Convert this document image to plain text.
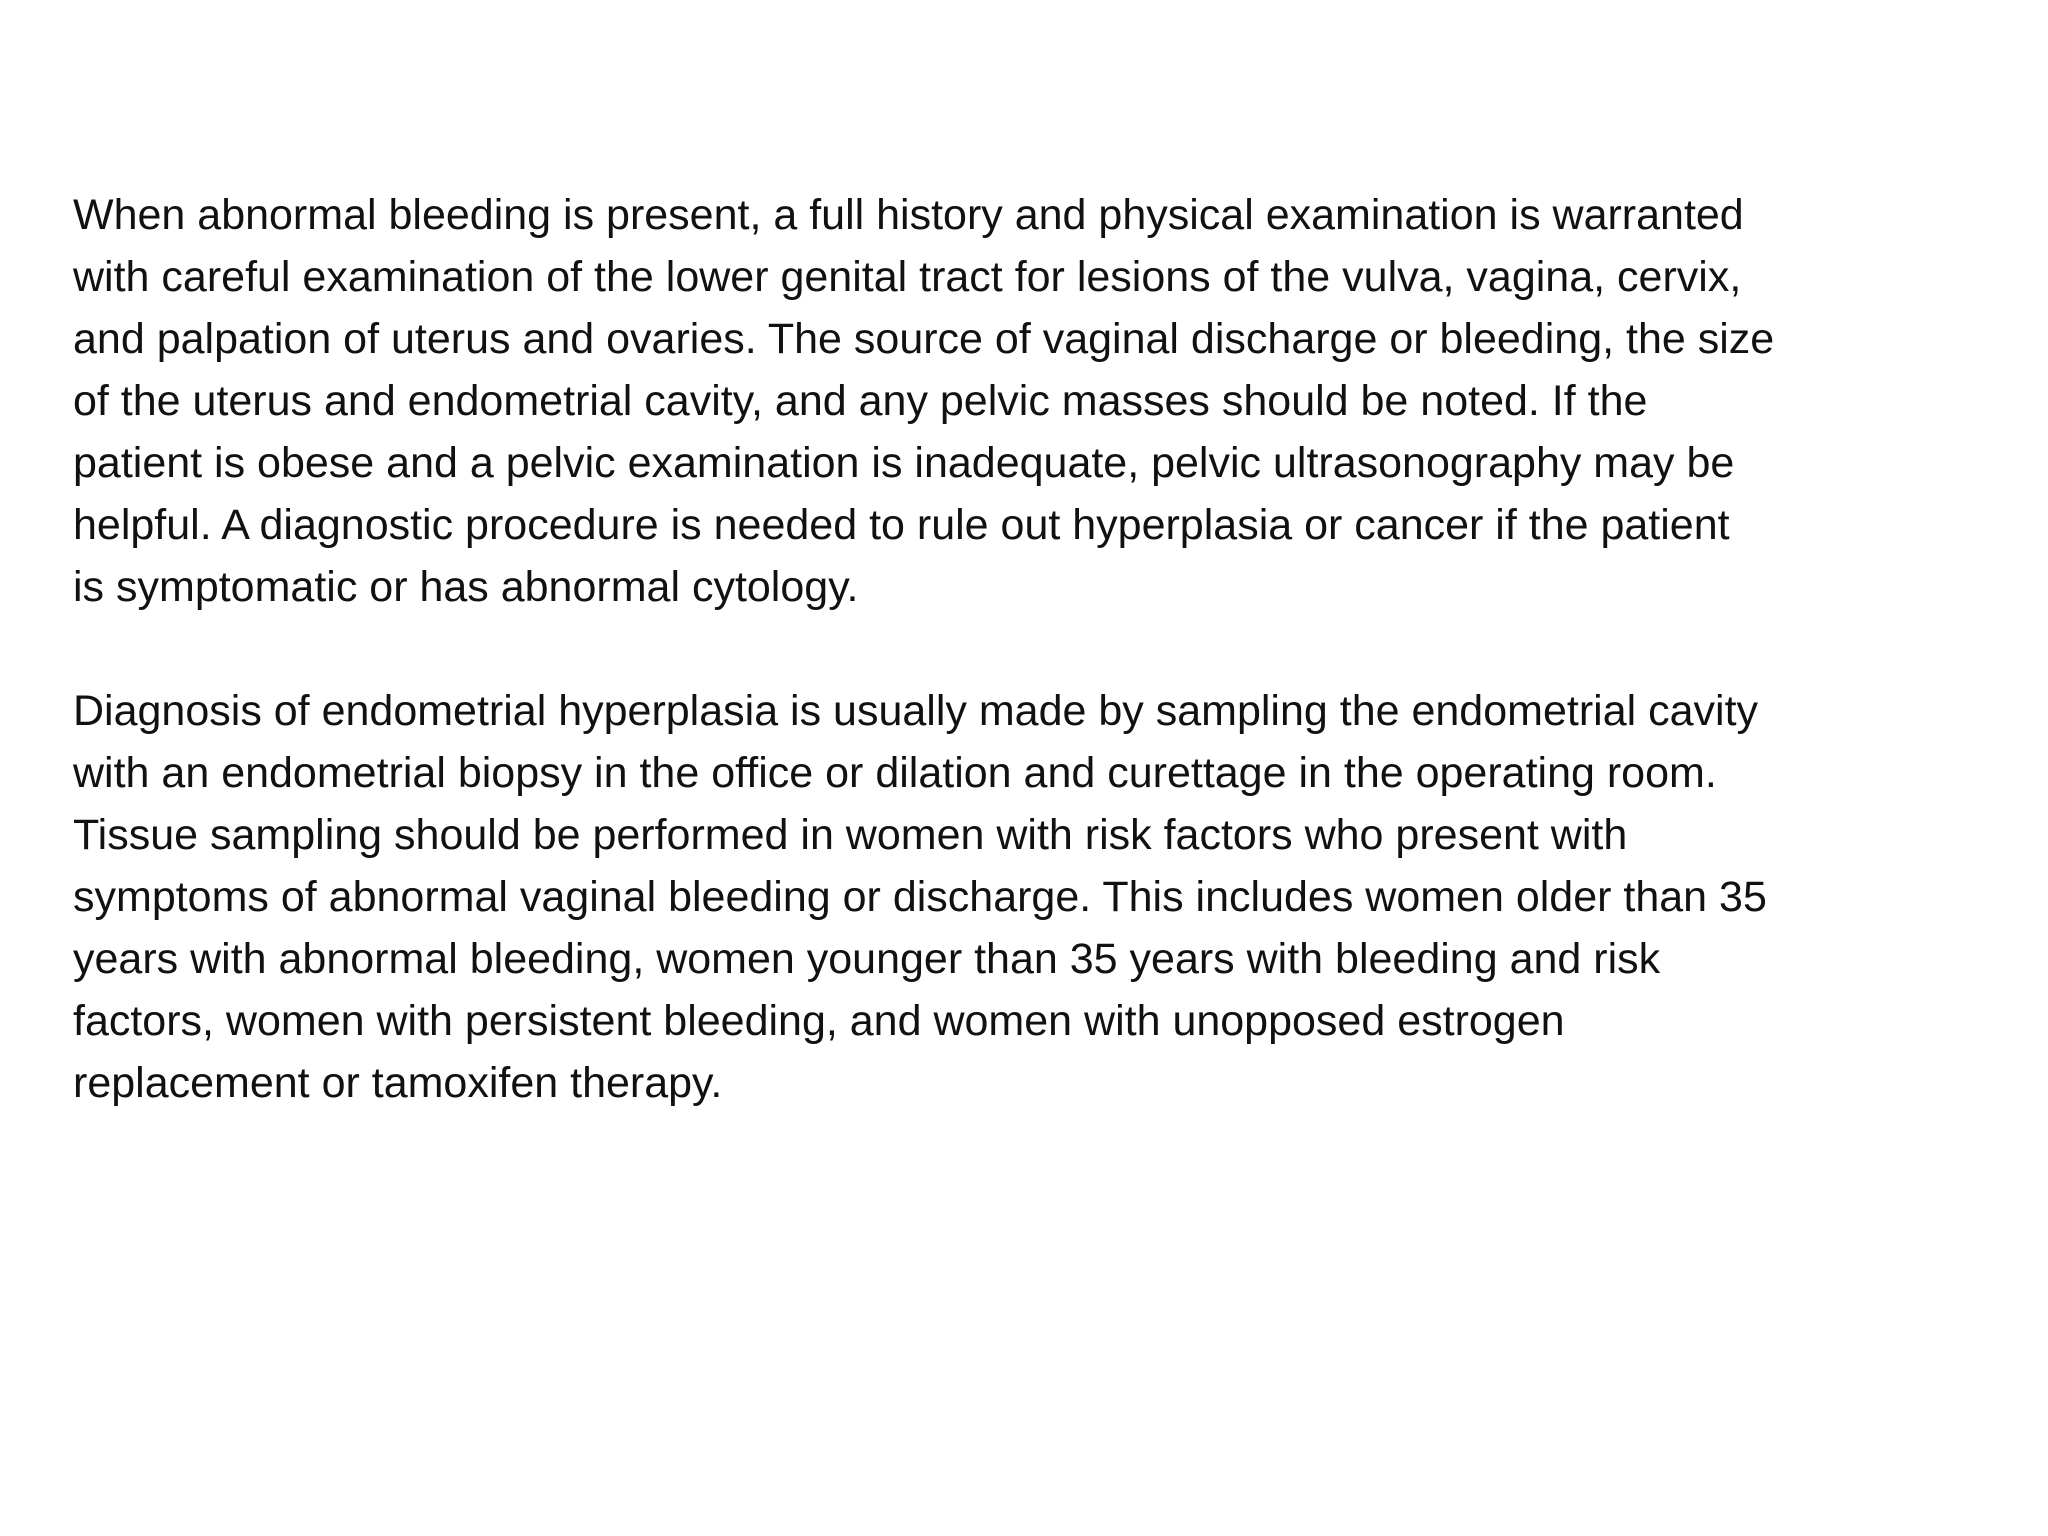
When abnormal bleeding is present, a full history and physical examination is warranted
with careful examination of the lower genital tract for lesions of the vulva, vagina, cervix,
and palpation of uterus and ovaries. The source of vaginal discharge or bleeding, the size
of the uterus and endometrial cavity, and any pelvic masses should be noted. If the
patient is obese and a pelvic examination is inadequate, pelvic ultrasonography may be
helpful. A diagnostic procedure is needed to rule out hyperplasia or cancer if the patient
is symptomatic or has abnormal cytology.

Diagnosis of endometrial hyperplasia is usually made by sampling the endometrial cavity
with an endometrial biopsy in the office or dilation and curettage in the operating room.
Tissue sampling should be performed in women with risk factors who present with
symptoms of abnormal vaginal bleeding or discharge. This includes women older than 35
years with abnormal bleeding, women younger than 35 years with bleeding and risk
factors, women with persistent bleeding, and women with unopposed estrogen
replacement or tamoxifen therapy.
